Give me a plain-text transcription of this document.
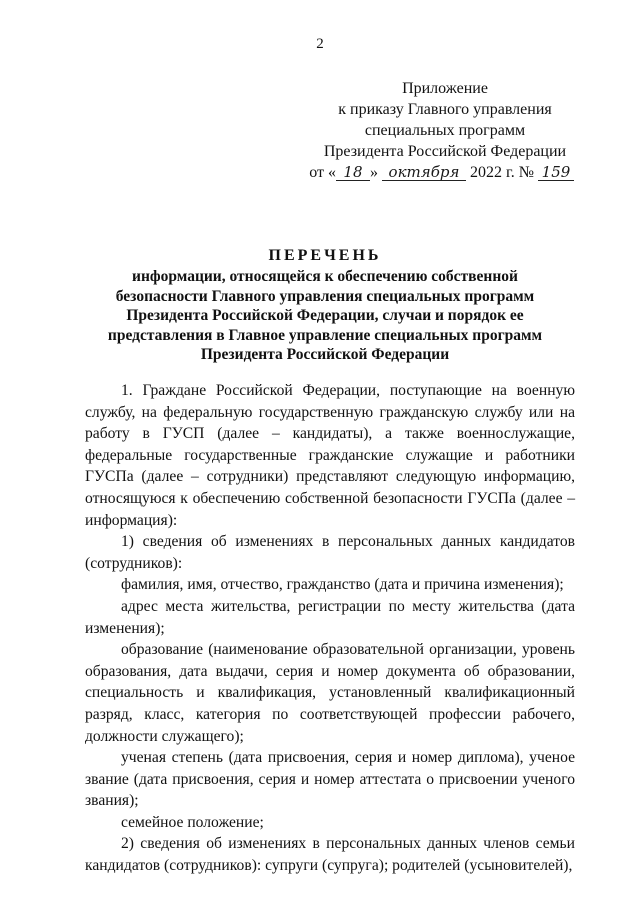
2
Приложение
к приказу Главного управления
специальных программ
Президента Российской Федерации
от « 18 » октября 2022 г. № 159
ПЕРЕЧЕНЬ
информации, относящейся к обеспечению собственной
безопасности Главного управления специальных программ
Президента Российской Федерации, случаи и порядок ее
представления в Главное управление специальных программ
Президента Российской Федерации

1. Граждане Российской Федерации, поступающие на военную службу, на федеральную государственную гражданскую службу или на работу в ГУСП (далее – кандидаты), а также военнослужащие, федеральные государственные гражданские служащие и работники ГУСПа (далее – сотрудники) представляют следующую информацию, относящуюся к обеспечению собственной безопасности ГУСПа (далее – информация):

1) сведения об изменениях в персональных данных кандидатов (сотрудников):

фамилия, имя, отчество, гражданство (дата и причина изменения);

адрес места жительства, регистрации по месту жительства (дата изменения);

образование (наименование образовательной организации, уровень образования, дата выдачи, серия и номер документа об образовании, специальность и квалификация, установленный квалификационный разряд, класс, категория по соответствующей профессии рабочего, должности служащего);

ученая степень (дата присвоения, серия и номер диплома), ученое звание (дата присвоения, серия и номер аттестата о присвоении ученого звания);

семейное положение;

2) сведения об изменениях в персональных данных членов семьи кандидатов (сотрудников): супруги (супруга); родителей (усыновителей),
